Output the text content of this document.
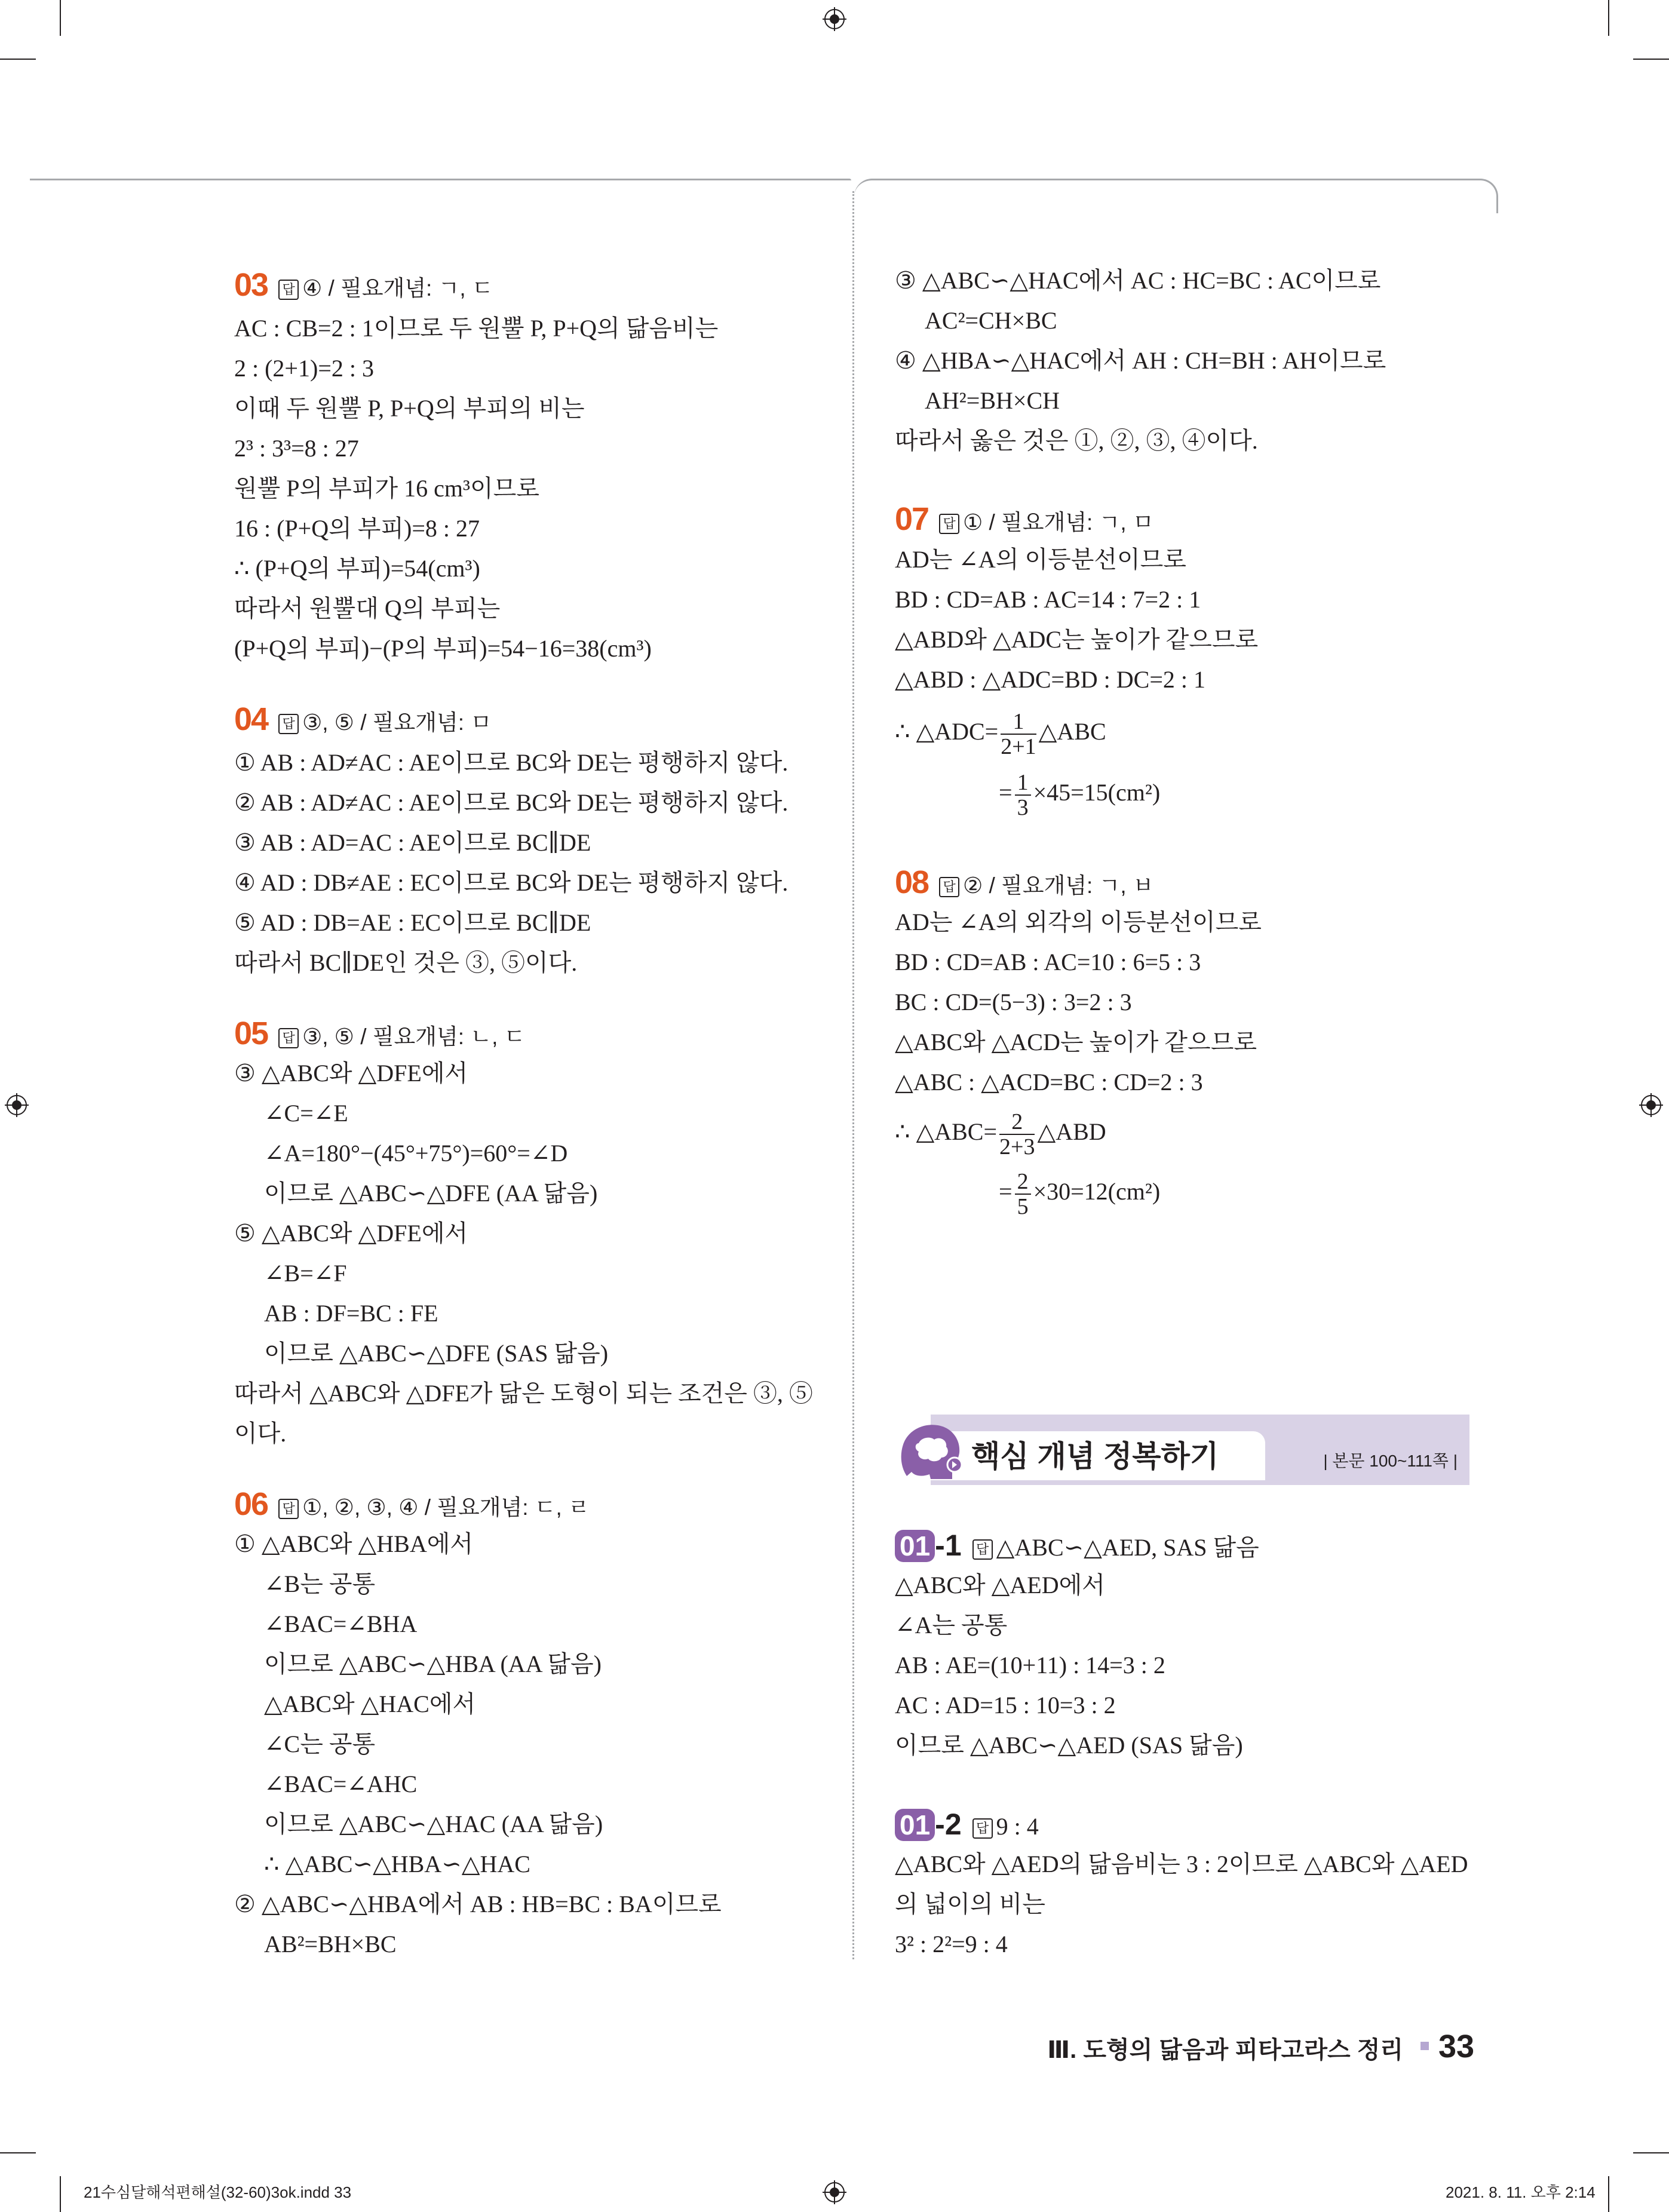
03 답 ④ / 필요개념: ㄱ, ㄷ
AC : CB=2 : 1이므로 두 원뿔 P, P+Q의 닮음비는
2 : (2+1)=2 : 3
이때 두 원뿔 P, P+Q의 부피의 비는
2³ : 3³=8 : 27
원뿔 P의 부피가 16 cm³이므로
16 : (P+Q의 부피)=8 : 27
∴ (P+Q의 부피)=54(cm³)
따라서 원뿔대 Q의 부피는
(P+Q의 부피)−(P의 부피)=54−16=38(cm³)
04 답 ③, ⑤ / 필요개념: ㅁ
① AB : AD≠AC : AE이므로 BC와 DE는 평행하지 않다.
② AB : AD≠AC : AE이므로 BC와 DE는 평행하지 않다.
③ AB : AD=AC : AE이므로 BC∥DE
④ AD : DB≠AE : EC이므로 BC와 DE는 평행하지 않다.
⑤ AD : DB=AE : EC이므로 BC∥DE
따라서 BC∥DE인 것은 ③, ⑤이다.
05 답 ③, ⑤ / 필요개념: ㄴ, ㄷ
③ △ABC와 △DFE에서
∠C=∠E
∠A=180°−(45°+75°)=60°=∠D
이므로 △ABC∽△DFE (AA 닮음)
⑤ △ABC와 △DFE에서
∠B=∠F
AB : DF=BC : FE
이므로 △ABC∽△DFE (SAS 닮음)
따라서 △ABC와 △DFE가 닮은 도형이 되는 조건은 ③, ⑤
이다.
06 답 ①, ②, ③, ④ / 필요개념: ㄷ, ㄹ
① △ABC와 △HBA에서
∠B는 공통
∠BAC=∠BHA
이므로 △ABC∽△HBA (AA 닮음)
△ABC와 △HAC에서
∠C는 공통
∠BAC=∠AHC
이므로 △ABC∽△HAC (AA 닮음)
∴ △ABC∽△HBA∽△HAC
② △ABC∽△HBA에서 AB : HB=BC : BA이므로
AB²=BH×BC
③ △ABC∽△HAC에서 AC : HC=BC : AC이므로
AC²=CH×BC
④ △HBA∽△HAC에서 AH : CH=BH : AH이므로
AH²=BH×CH
따라서 옳은 것은 ①, ②, ③, ④이다.
07 답 ① / 필요개념: ㄱ, ㅁ
AD는 ∠A의 이등분선이므로
BD : CD=AB : AC=14 : 7=2 : 1
△ABD와 △ADC는 높이가 같으므로
△ABD : △ADC=BD : DC=2 : 1
∴ △ADC= $\frac{1}{2+1}$ △ABC
= $\frac{1}{3} \times 45=15(cm^2)$
08 답 ② / 필요개념: ㄱ, ㅂ
AD는 ∠A의 외각의 이등분선이므로
BD : CD=AB : AC=10 : 6=5 : 3
BC : CD=(5−3) : 3=2 : 3
△ABC와 △ACD는 높이가 같으므로
△ABC : △ACD=BC : CD=2 : 3
∴ △ABC= $\frac{2}{2+3}$ △ABD
= $\frac{2}{5} \times 30=12(cm^2)$
핵심 개념 정복하기	| 본문 100~111쪽 |
01 -1 답 △ABC∽△AED, SAS 닮음
△ABC와 △AED에서
∠A는 공통
AB : AE=(10+11) : 14=3 : 2
AC : AD=15 : 10=3 : 2
이므로 △ABC∽△AED (SAS 닮음)
01 -2 답 9 : 4
△ABC와 △AED의 닮음비는 3 : 2이므로 △ABC와 △AED
의 넓이의 비는
3² : 2²=9 : 4
Ⅲ. 도형의 닮음과 피타고라스 정리 33
21수심달해석편해설(32-60)3ok.indd 33	2021. 8. 11. 오후 2:14
